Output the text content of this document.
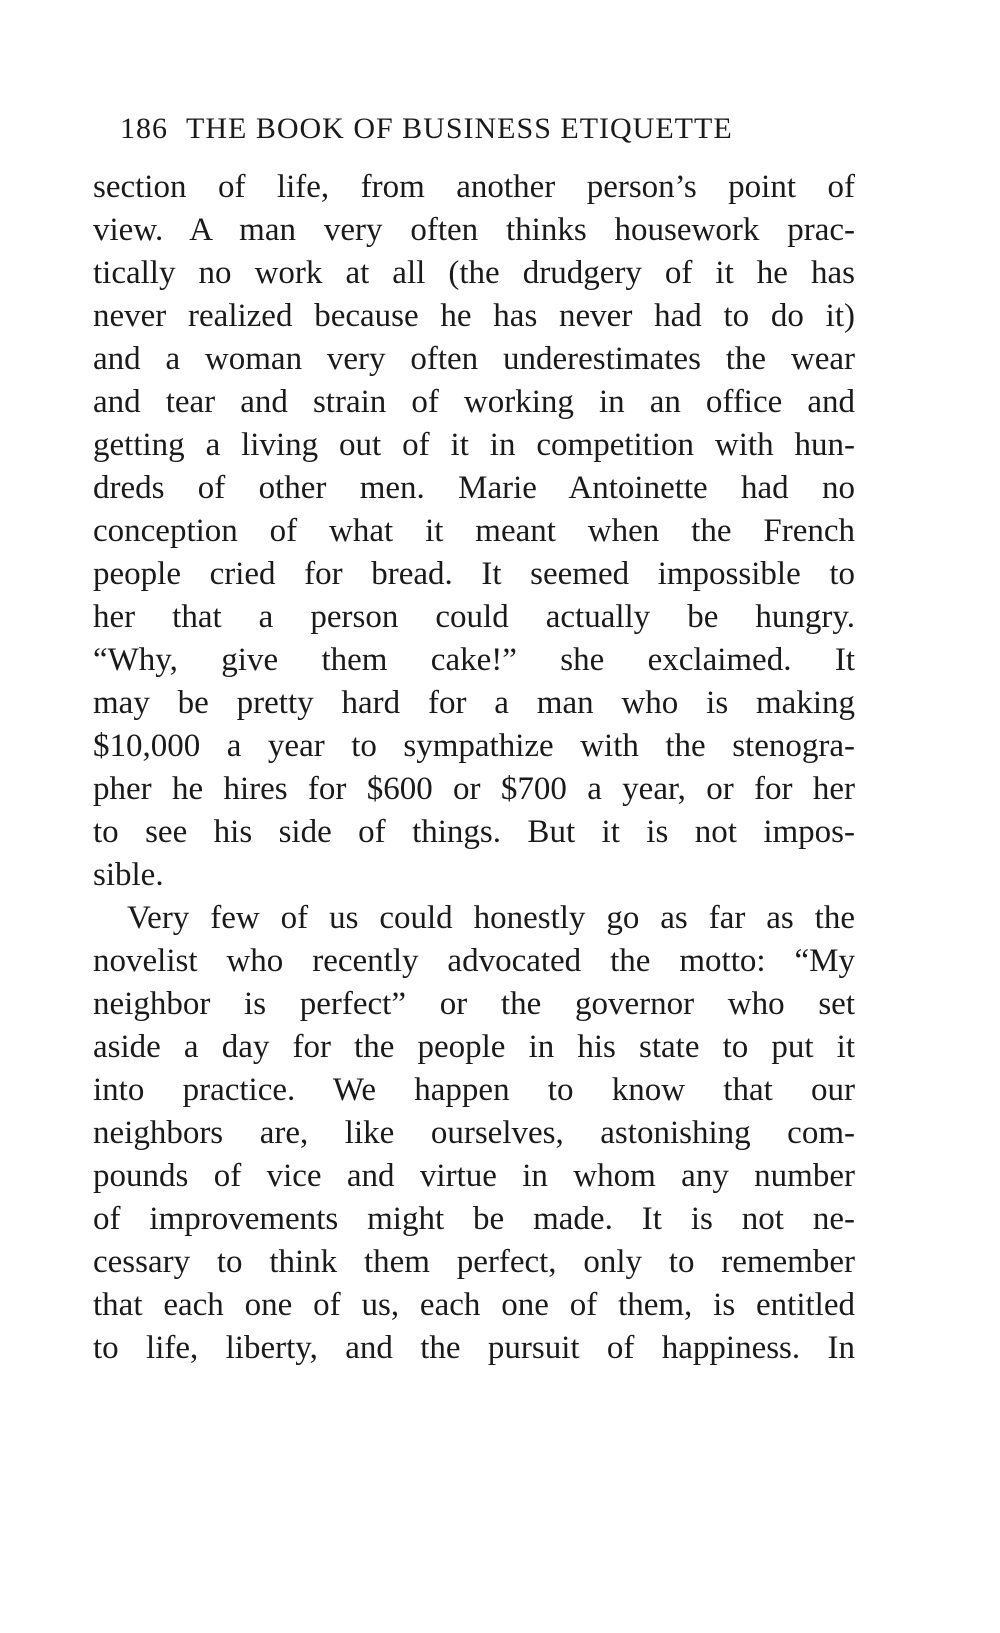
186 THE BOOK OF BUSINESS ETIQUETTE
section of life, from another person’s point of
view. A man very often thinks housework prac-
tically no work at all (the drudgery of it he has
never realized because he has never had to do it)
and a woman very often underestimates the wear
and tear and strain of working in an office and
getting a living out of it in competition with hun-
dreds of other men. Marie Antoinette had no
conception of what it meant when the French
people cried for bread. It seemed impossible to
her that a person could actually be hungry.
“Why, give them cake!” she exclaimed. It
may be pretty hard for a man who is making
$10,000 a year to sympathize with the stenogra-
pher he hires for $600 or $700 a year, or for her
to see his side of things. But it is not impos-
sible.
Very few of us could honestly go as far as the
novelist who recently advocated the motto: “My
neighbor is perfect” or the governor who set
aside a day for the people in his state to put it
into practice. We happen to know that our
neighbors are, like ourselves, astonishing com-
pounds of vice and virtue in whom any number
of improvements might be made. It is not ne-
cessary to think them perfect, only to remember
that each one of us, each one of them, is entitled
to life, liberty, and the pursuit of happiness. In
